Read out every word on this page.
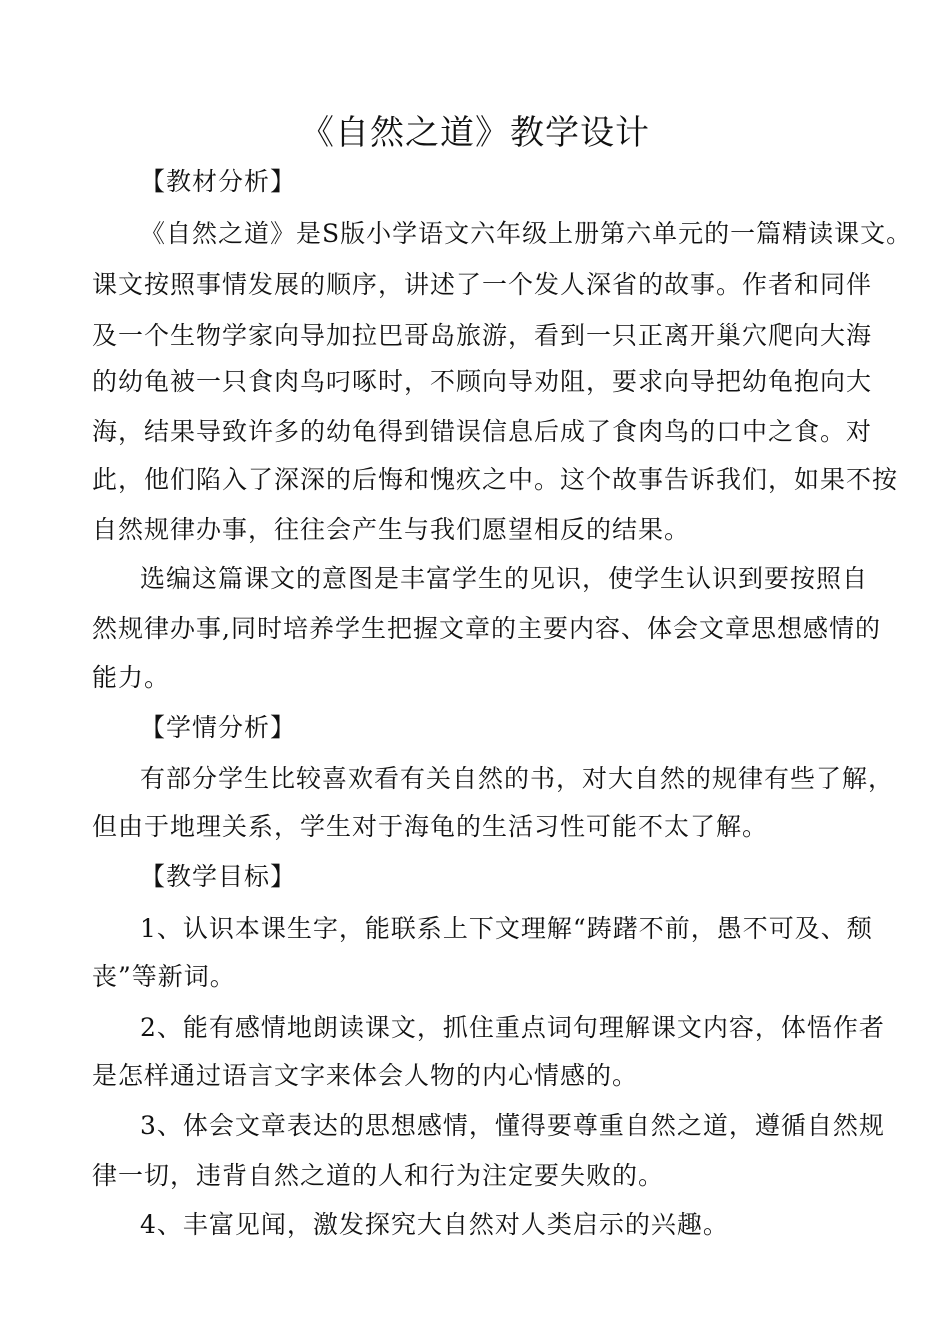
《自然之道》教学设计
【教材分析】
《自然之道》是S版小学语文六年级上册第六单元的一篇精读课文。
课文按照事情发展的顺序，讲述了一个发人深省的故事。作者和同伴
及一个生物学家向导加拉巴哥岛旅游，看到一只正离开巢穴爬向大海
的幼龟被一只食肉鸟叼啄时，不顾向导劝阻，要求向导把幼龟抱向大
海，结果导致许多的幼龟得到错误信息后成了食肉鸟的口中之食。对
此，他们陷入了深深的后悔和愧疚之中。这个故事告诉我们，如果不按
自然规律办事，往往会产生与我们愿望相反的结果。
选编这篇课文的意图是丰富学生的见识，使学生认识到要按照自
然规律办事,同时培养学生把握文章的主要内容、体会文章思想感情的
能力。
【学情分析】
有部分学生比较喜欢看有关自然的书，对大自然的规律有些了解，
但由于地理关系，学生对于海龟的生活习性可能不太了解。
【教学目标】
1、认识本课生字，能联系上下文理解“踌躇不前，愚不可及、颓
丧”等新词。
2、能有感情地朗读课文，抓住重点词句理解课文内容，体悟作者
是怎样通过语言文字来体会人物的内心情感的。
3、体会文章表达的思想感情，懂得要尊重自然之道，遵循自然规
律一切，违背自然之道的人和行为注定要失败的。
4、丰富见闻，激发探究大自然对人类启示的兴趣。
